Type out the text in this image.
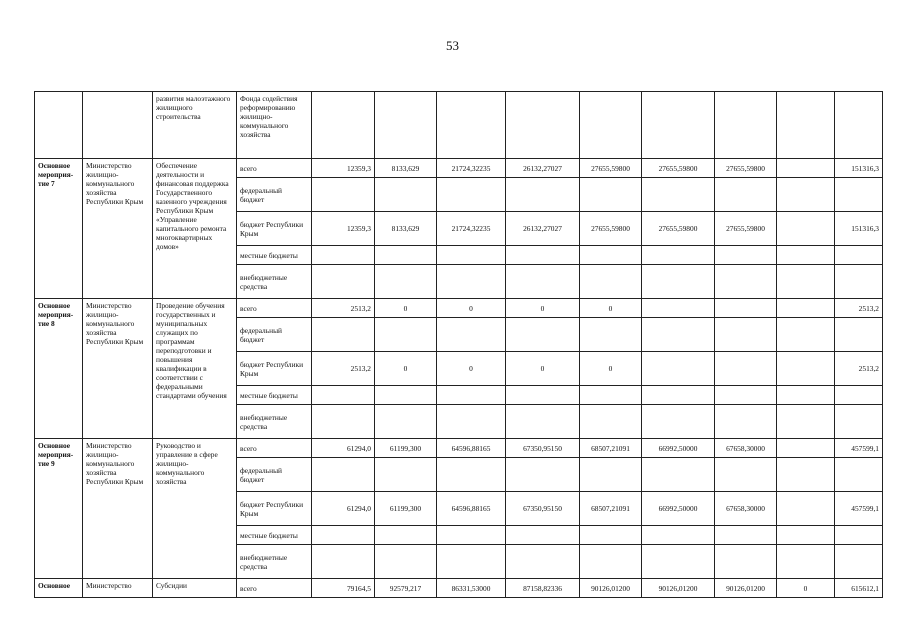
53
		развития малоэтажного жилищного строительства	Фонда содействия реформированию жилищно-коммунального хозяйства									
Основное мероприя-тие 7	Министерство жилищно-коммунального хозяйства Республики Крым	Обеспечение деятельности и финансовая поддержка Государственного казенного учреждения Республики Крым «Управление капитального ремонта многоквартирных домов»	всего	12359,3	8133,629	21724,32235	26132,27027	27655,59800	27655,59800	27655,59800		151316,3
			федеральный бюджет									
			бюджет Республики Крым	12359,3	8133,629	21724,32235	26132,27027	27655,59800	27655,59800	27655,59800		151316,3
			местные бюджеты									
			внебюджетные средства									
Основное мероприя-тие 8	Министерство жилищно-коммунального хозяйства Республики Крым	Проведение обучения государственных и муниципальных служащих по программам переподготовки и повышения квалификации в соответствии с федеральными стандартами обучения	всего	2513,2	0	0	0	0				2513,2
			федеральный бюджет									
			бюджет Республики Крым	2513,2	0	0	0	0				2513,2
			местные бюджеты									
			внебюджетные средства									
Основное мероприя-тие 9	Министерство жилищно-коммунального хозяйства Республики Крым	Руководство и управление в сфере жилищно-коммунального хозяйства	всего	61294,0	61199,300	64596,88165	67350,95150	68507,21091	66992,50000	67658,30000		457599,1
			федеральный бюджет									
			бюджет Республики Крым	61294,0	61199,300	64596,88165	67350,95150	68507,21091	66992,50000	67658,30000		457599,1
			местные бюджеты									
			внебюджетные средства									
Основное	Министерство	Субсидии	всего	79164,5	92579,217	86331,53000	87158,82336	90126,01200	90126,01200	90126,01200	0	615612,1
